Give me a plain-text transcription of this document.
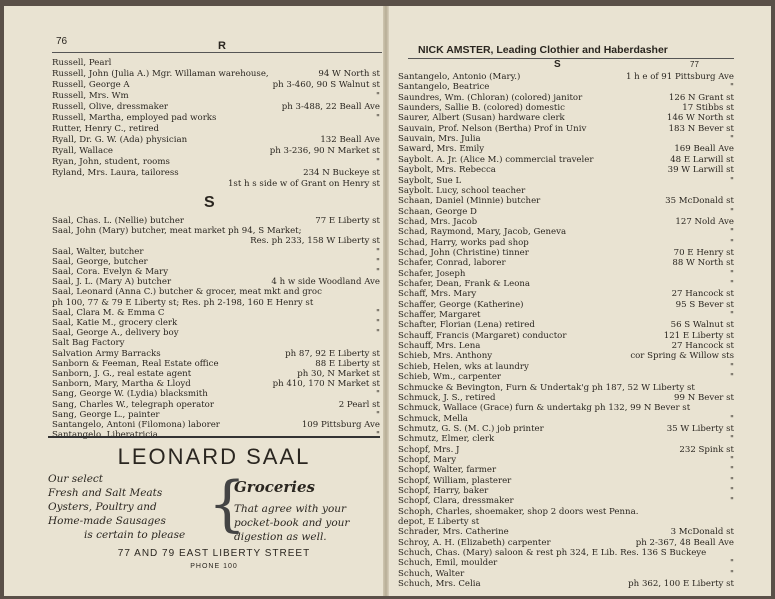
76	R
Russell, Pearl
Russell, John (Julia A.) Mgr. Willaman warehouse,	94 W North st
Russell, George A	ph 3-460, 90 S Walnut st
Russell, Mrs. Wm	"
Russell, Olive, dressmaker	ph 3-488, 22 Beall Ave
Russell, Martha, employed pad works	"
Rutter, Henry C., retired
Ryall, Dr. G. W. (Ada) physician	132 Beall Ave
Ryall, Wallace	ph 3-236, 90 N Market st
Ryan, John, student, rooms	"
Ryland, Mrs. Laura, tailoress	234 N Buckeye st
1st h s side w of Grant on Henry st
S
Saal, Chas. L. (Nellie) butcher	77 E Liberty st
Saal, John (Mary) butcher, meat market ph 94, S Market;
Res. ph 233, 158 W Liberty st
Saal, Walter, butcher	"
Saal, George, butcher	"
Saal, Cora. Evelyn & Mary	"
Saal, J. L. (Mary A) butcher	4 h w side Woodland Ave
Saal, Leonard (Anna C.) butcher & grocer, meat mkt and groc
ph 100, 77 & 79 E Liberty st; Res. ph 2-198, 160 E Henry st
Saal, Clara M. & Emma C	"
Saal, Katie M., grocery clerk	"
Saal, George A., delivery boy	"
Salt Bag Factory
Salvation Army Barracks	ph 87, 92 E Liberty st
Sanborn & Feeman, Real Estate office	88 E Liberty st
Sanborn, J. G., real estate agent	ph 30, N Market st
Sanborn, Mary, Martha & Lloyd	ph 410, 170 N Market st
Sang, George W. (Lydia) blacksmith	"
Sang, Charles W., telegraph operator	2 Pearl st
Sang, George L., painter	"
Santangelo, Antoni (Filomona) laborer	109 Pittsburg Ave
Santangelo, Liberatricia	"
LEONARD SAAL
Our select
Fresh and Salt Meats
Oysters, Poultry and
Home-made Sausages
is certain to please {
Groceries
That agree with your
pocket-book and your
digestion as well.
77 AND 79 EAST LIBERTY STREET
PHONE 100
NICK AMSTER, Leading Clothier and Haberdasher
S	77
Santangelo, Antonio (Mary.)	1 h e of 91 Pittsburg Ave
Santangelo, Beatrice	"
Saundres, Wm. (Chloran) (colored) janitor	126 N Grant st
Saunders, Sallie B. (colored) domestic	17 Stibbs st
Saurer, Albert (Susan) hardware clerk	146 W North st
Sauvain, Prof. Nelson (Bertha) Prof in Univ	183 N Bever st
Sauvain, Mrs. Julia	"
Saward, Mrs. Emily	169 Beall Ave
Saybolt. A. Jr. (Alice M.) commercial traveler	48 E Larwill st
Saybolt, Mrs. Rebecca	39 W Larwill st
Saybolt, Sue L	"
Saybolt. Lucy, school teacher
Schaan, Daniel (Minnie) butcher	35 McDonald st
Schaan, George D	"
Schad, Mrs. Jacob	127 Nold Ave
Schad, Raymond, Mary, Jacob, Geneva	"
Schad, Harry, works pad shop	"
Schad, John (Christine) tinner	70 E Henry st
Schafer, Conrad, laborer	88 W North st
Schafer, Joseph	"
Schafer, Dean, Frank & Leona	"
Schaff, Mrs. Mary	27 Hancock st
Schaffer, George (Katherine)	95 S Bever st
Schaffer, Margaret	"
Schafter, Florian (Lena) retired	56 S Walnut st
Schauff, Francis (Margaret) conductor	121 E Liberty st
Schauff, Mrs. Lena	27 Hancock st
Schieb, Mrs. Anthony	cor Spring & Willow sts
Schieb, Helen, wks at laundry	"
Schieb, Wm., carpenter	"
Schmucke & Bevington, Furn & Undertak'g ph 187, 52 W Liberty st
Schmuck, J. S., retired	99 N Bever st
Schmuck, Wallace (Grace) furn & undertakg ph 132, 99 N Bever st
Schmuck, Mella	"
Schmutz, G. S. (M. C.) job printer	35 W Liberty st
Schmutz, Elmer, clerk	"
Schopf, Mrs. J	232 Spink st
Schopf, Mary	"
Schopf, Walter, farmer	"
Schopf, William, plasterer	"
Schopf, Harry, baker	"
Schopf, Clara, dressmaker	"
Schoph, Charles, shoemaker, shop 2 doors west Penna.
depot, E Liberty st
Schrader, Mrs. Catherine	3 McDonald st
Schroy, A. H. (Elizabeth) carpenter	ph 2-367, 48 Beall Ave
Schuch, Chas. (Mary) saloon & rest ph 324, E Lib. Res. 136 S Buckeye
Schuch, Emil, moulder	"
Schuch, Walter	"
Schuch, Mrs. Celia	ph 362, 100 E Liberty st
